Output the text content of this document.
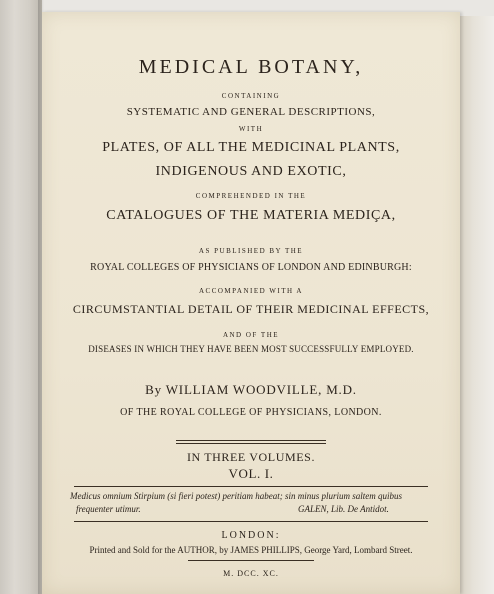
MEDICAL BOTANY,
CONTAINING
SYSTEMATIC AND GENERAL DESCRIPTIONS,
WITH
PLATES, OF ALL THE MEDICINAL PLANTS,
INDIGENOUS AND EXOTIC,
COMPREHENDED IN THE
CATALOGUES OF THE MATERIA MEDIÇA,
AS PUBLISHED BY THE
ROYAL COLLEGES OF PHYSICIANS OF LONDON AND EDINBURGH:
ACCOMPANIED WITH A
CIRCUMSTANTIAL DETAIL OF THEIR MEDICINAL EFFECTS,
AND OF THE
DISEASES IN WHICH THEY HAVE BEEN MOST SUCCESSFULLY EMPLOYED.
By WILLIAM WOODVILLE, M.D.
OF THE ROYAL COLLEGE OF PHYSICIANS, LONDON.
IN THREE VOLUMES.
VOL. I.
Medicus omnium Stirpium (si fieri potest) peritiam habeat; sin minus plurium saltem quibus
frequenter utimur.	GALEN, Lib. De Antidot.
LONDON:
Printed and Sold for the AUTHOR, by JAMES PHILLIPS, George Yard, Lombard Street.
M. DCC. XC.
